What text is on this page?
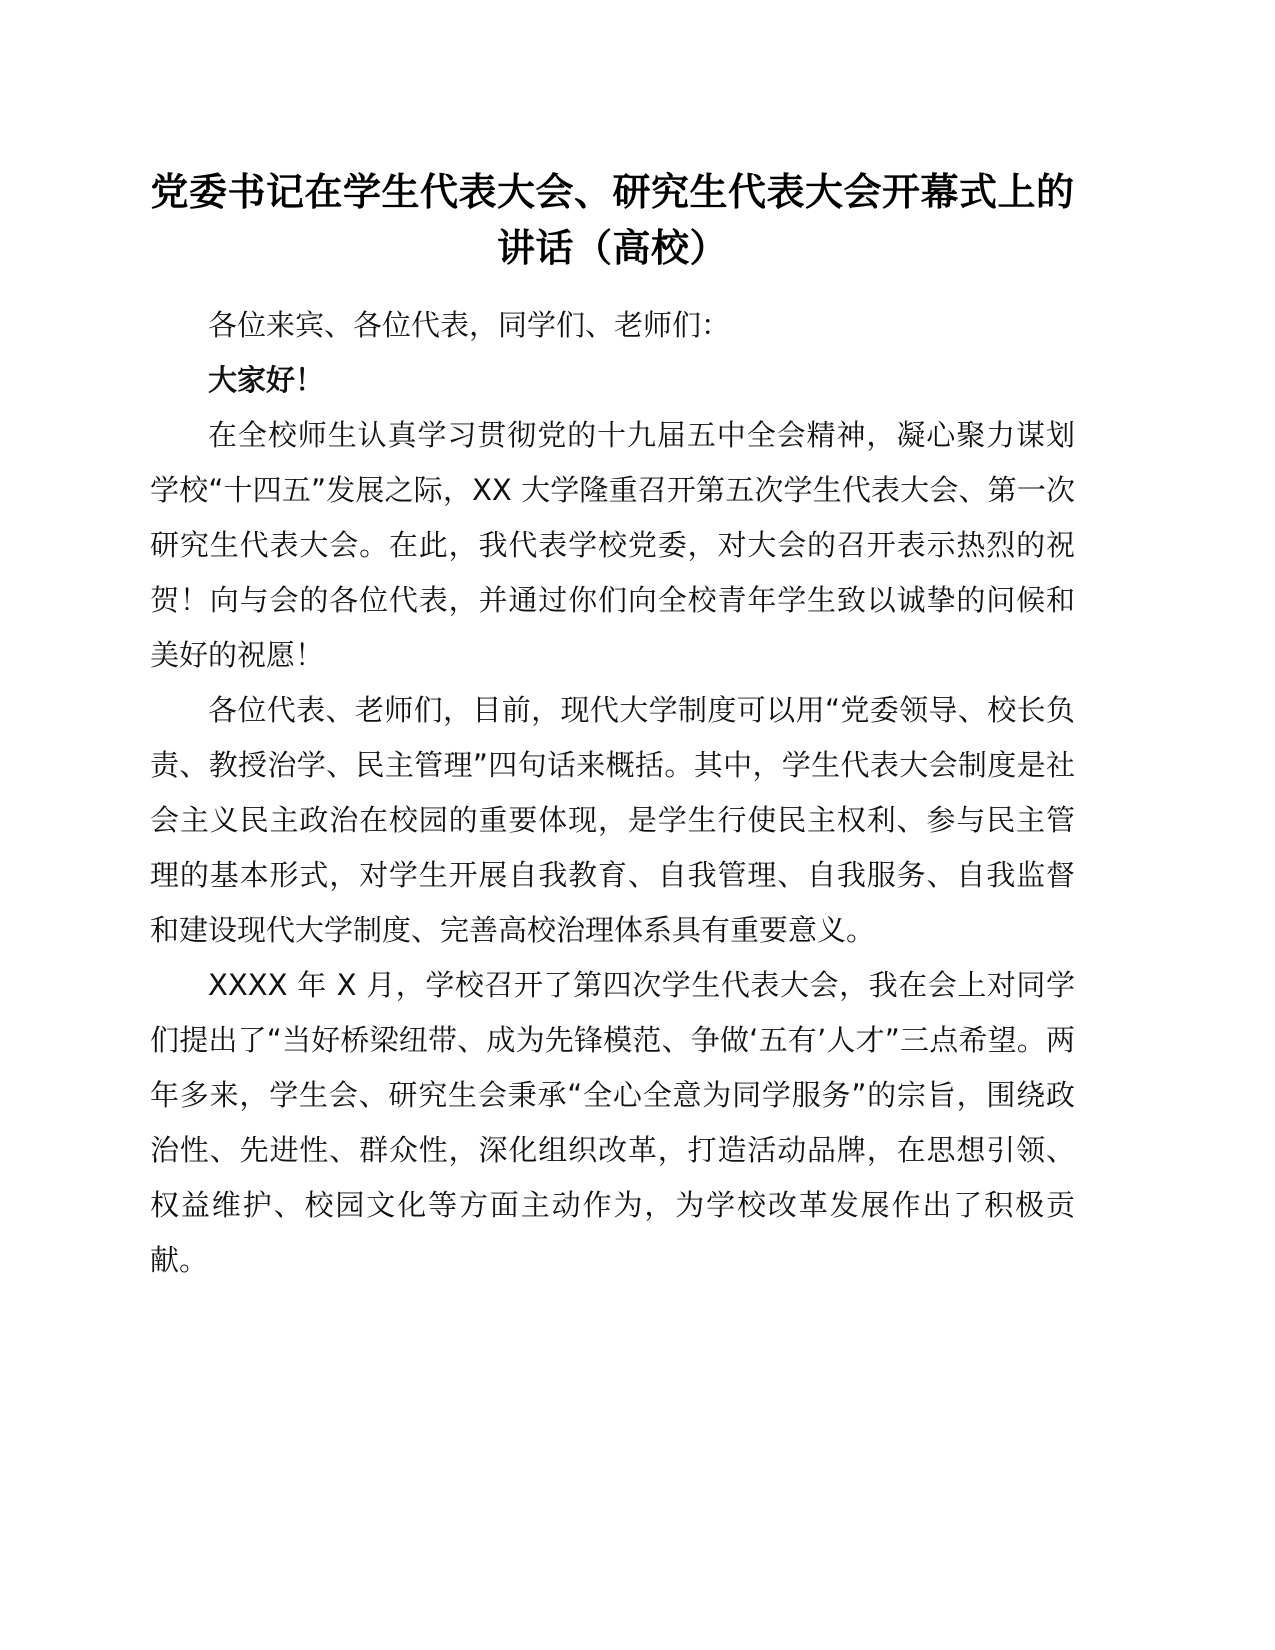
党委书记在学生代表大会、研究生代表大会开幕式上的讲话（高校）

各位来宾、各位代表，同学们、老师们：

大家好！

在全校师生认真学习贯彻党的十九届五中全会精神，凝心聚力谋划学校“十四五”发展之际，XX 大学隆重召开第五次学生代表大会、第一次研究生代表大会。在此，我代表学校党委，对大会的召开表示热烈的祝贺！向与会的各位代表，并通过你们向全校青年学生致以诚挚的问候和美好的祝愿！

各位代表、老师们，目前，现代大学制度可以用“党委领导、校长负责、教授治学、民主管理”四句话来概括。其中，学生代表大会制度是社会主义民主政治在校园的重要体现，是学生行使民主权利、参与民主管理的基本形式，对学生开展自我教育、自我管理、自我服务、自我监督和建设现代大学制度、完善高校治理体系具有重要意义。

XXXX 年 X 月，学校召开了第四次学生代表大会，我在会上对同学们提出了“当好桥梁纽带、成为先锋模范、争做‘五有’人才”三点希望。两年多来，学生会、研究生会秉承“全心全意为同学服务”的宗旨，围绕政治性、先进性、群众性，深化组织改革，打造活动品牌，在思想引领、权益维护、校园文化等方面主动作为，为学校改革发展作出了积极贡献。
